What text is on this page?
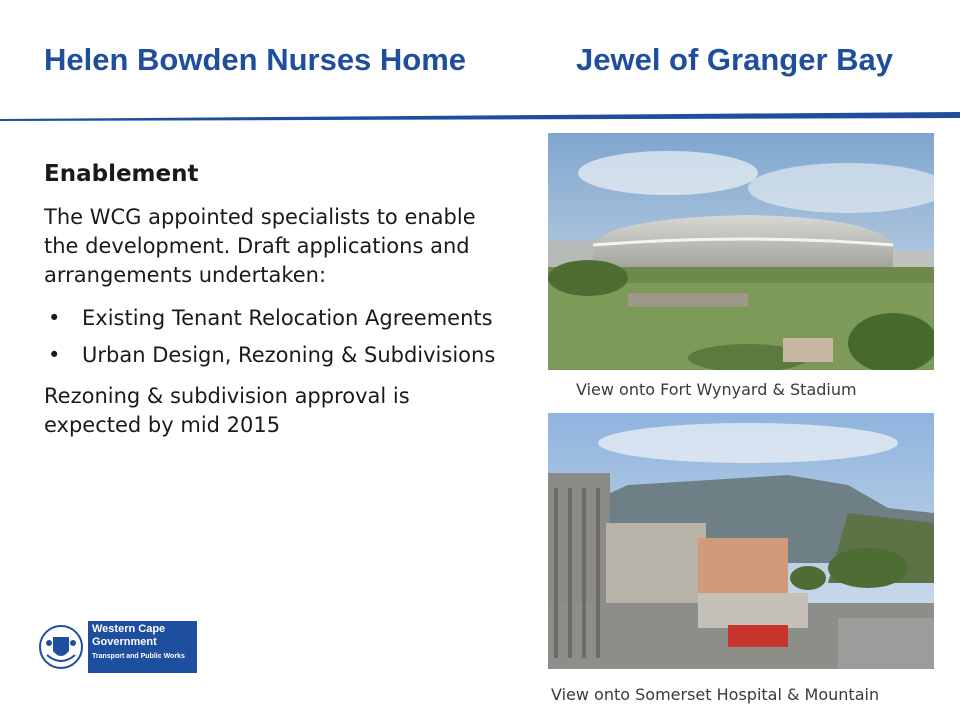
Helen Bowden Nurses Home	Jewel of Granger Bay

Enablement

The WCG appointed specialists to enable the development. Draft applications and arrangements undertaken:

• Existing Tenant Relocation Agreements
• Urban Design, Rezoning & Subdivisions

Rezoning & subdivision approval is expected by mid 2015

View onto Fort Wynyard & Stadium
View onto Somerset Hospital & Mountain
Western Cape
Government
Transport and Public Works
